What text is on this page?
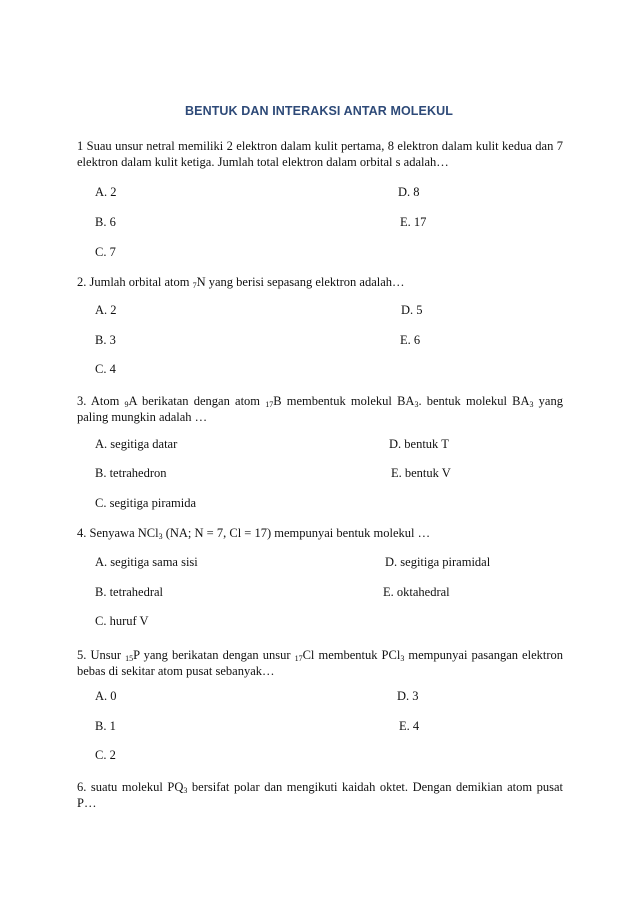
BENTUK DAN INTERAKSI ANTAR MOLEKUL

1 Suau unsur netral memiliki 2 elektron dalam kulit pertama, 8 elektron dalam kulit kedua dan 7 elektron dalam kulit ketiga. Jumlah total elektron dalam orbital s adalah…

A. 2
B. 6
C. 7
D. 8
E. 17

2. Jumlah orbital atom $_7$N yang berisi sepasang elektron adalah…

A. 2
B. 3
C. 4
D. 5
E. 6

3. Atom $_9$A berikatan dengan atom $_{17}$B membentuk molekul $BA_3$. bentuk molekul $BA_3$ yang paling mungkin adalah …

A. segitiga datar
B. tetrahedron
C. segitiga piramida
D. bentuk T
E. bentuk V

4. Senyawa NCl$_3$ (NA; N = 7, Cl = 17) mempunyai bentuk molekul …

A. segitiga sama sisi
B. tetrahedral
C. huruf V
D. segitiga piramidal
E. oktahedral

5. Unsur $_{15}$P yang berikatan dengan unsur $_{17}$Cl membentuk PCl$_3$ mempunyai pasangan elektron bebas di sekitar atom pusat sebanyak…

A. 0
B. 1
C. 2
D. 3
E. 4

6. suatu molekul $PQ_3$ bersifat polar dan mengikuti kaidah oktet. Dengan demikian atom pusat P…
